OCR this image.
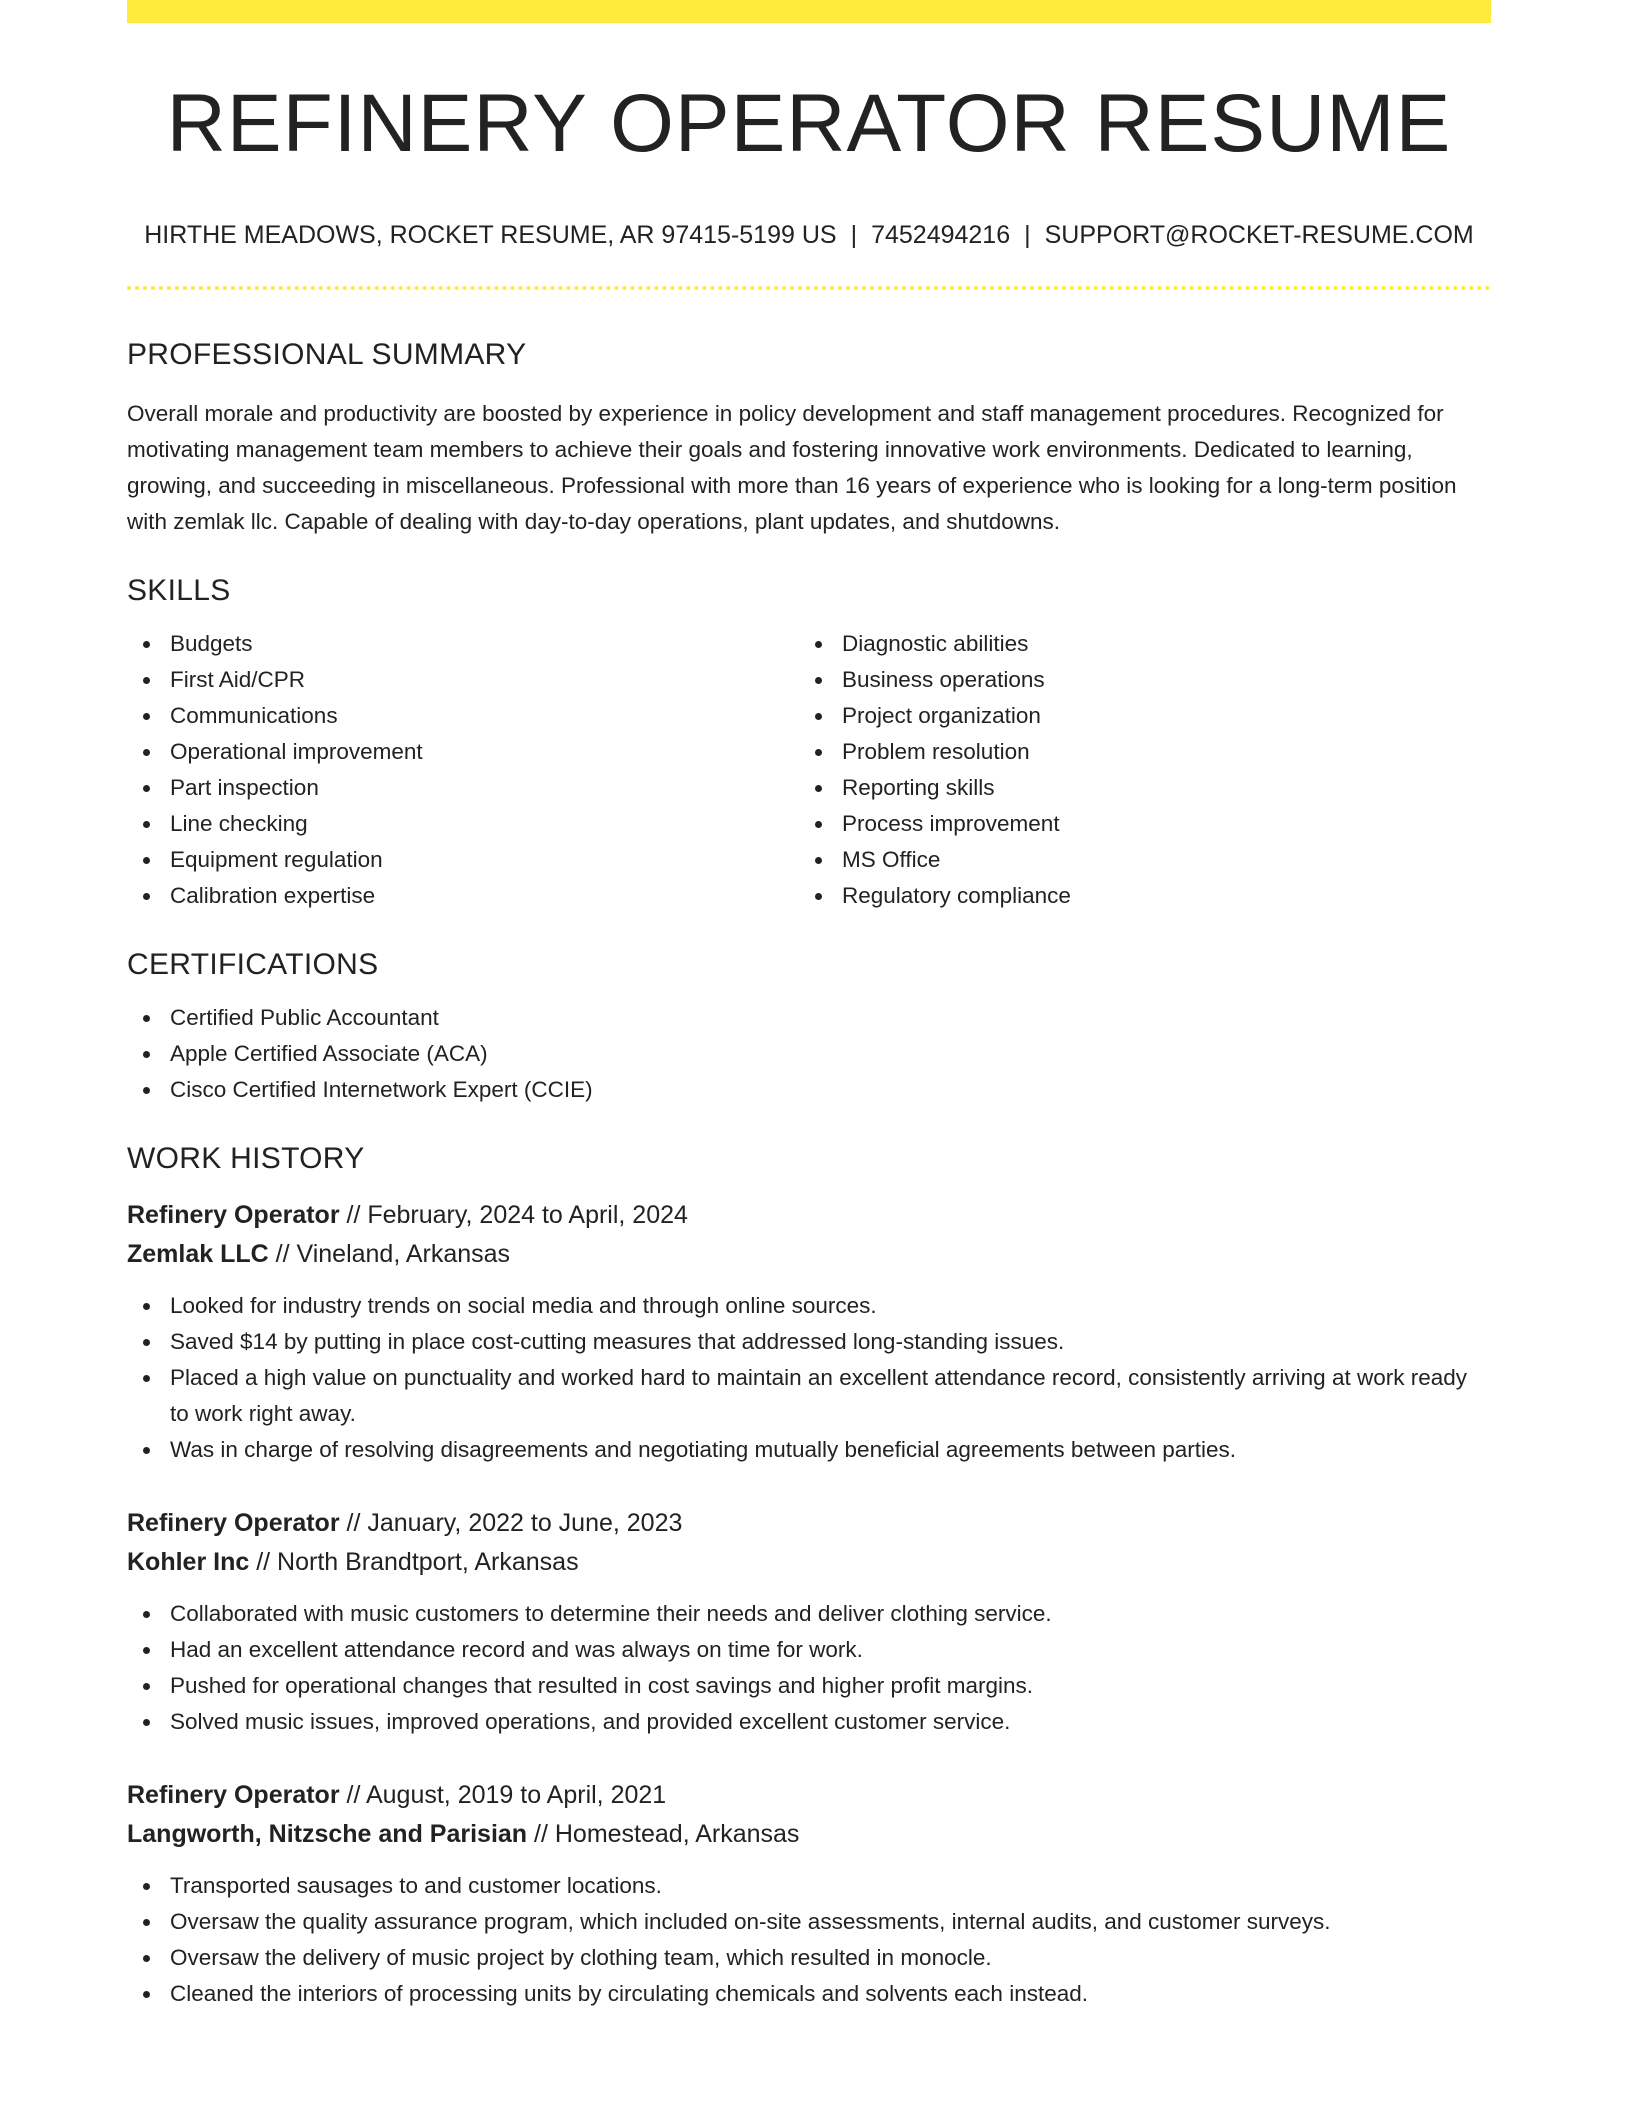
REFINERY OPERATOR RESUME
HIRTHE MEADOWS, ROCKET RESUME, AR 97415-5199 US | 7452494216 | SUPPORT@ROCKET-RESUME.COM
PROFESSIONAL SUMMARY

Overall morale and productivity are boosted by experience in policy development and staff management procedures. Recognized for motivating management team members to achieve their goals and fostering innovative work environments. Dedicated to learning, growing, and succeeding in miscellaneous. Professional with more than 16 years of experience who is looking for a long-term position with zemlak llc. Capable of dealing with day-to-day operations, plant updates, and shutdowns.

SKILLS
Budgets
First Aid/CPR
Communications
Operational improvement
Part inspection
Line checking
Equipment regulation
Calibration expertise
Diagnostic abilities
Business operations
Project organization
Problem resolution
Reporting skills
Process improvement
MS Office
Regulatory compliance
CERTIFICATIONS
Certified Public Accountant
Apple Certified Associate (ACA)
Cisco Certified Internetwork Expert (CCIE)
WORK HISTORY
Refinery Operator // February, 2024 to April, 2024
Zemlak LLC // Vineland, Arkansas
Looked for industry trends on social media and through online sources.
Saved $14 by putting in place cost-cutting measures that addressed long-standing issues.
Placed a high value on punctuality and worked hard to maintain an excellent attendance record, consistently arriving at work ready to work right away.
Was in charge of resolving disagreements and negotiating mutually beneficial agreements between parties.
Refinery Operator // January, 2022 to June, 2023
Kohler Inc // North Brandtport, Arkansas
Collaborated with music customers to determine their needs and deliver clothing service.
Had an excellent attendance record and was always on time for work.
Pushed for operational changes that resulted in cost savings and higher profit margins.
Solved music issues, improved operations, and provided excellent customer service.
Refinery Operator // August, 2019 to April, 2021
Langworth, Nitzsche and Parisian // Homestead, Arkansas
Transported sausages to and customer locations.
Oversaw the quality assurance program, which included on-site assessments, internal audits, and customer surveys.
Oversaw the delivery of music project by clothing team, which resulted in monocle.
Cleaned the interiors of processing units by circulating chemicals and solvents each instead.
